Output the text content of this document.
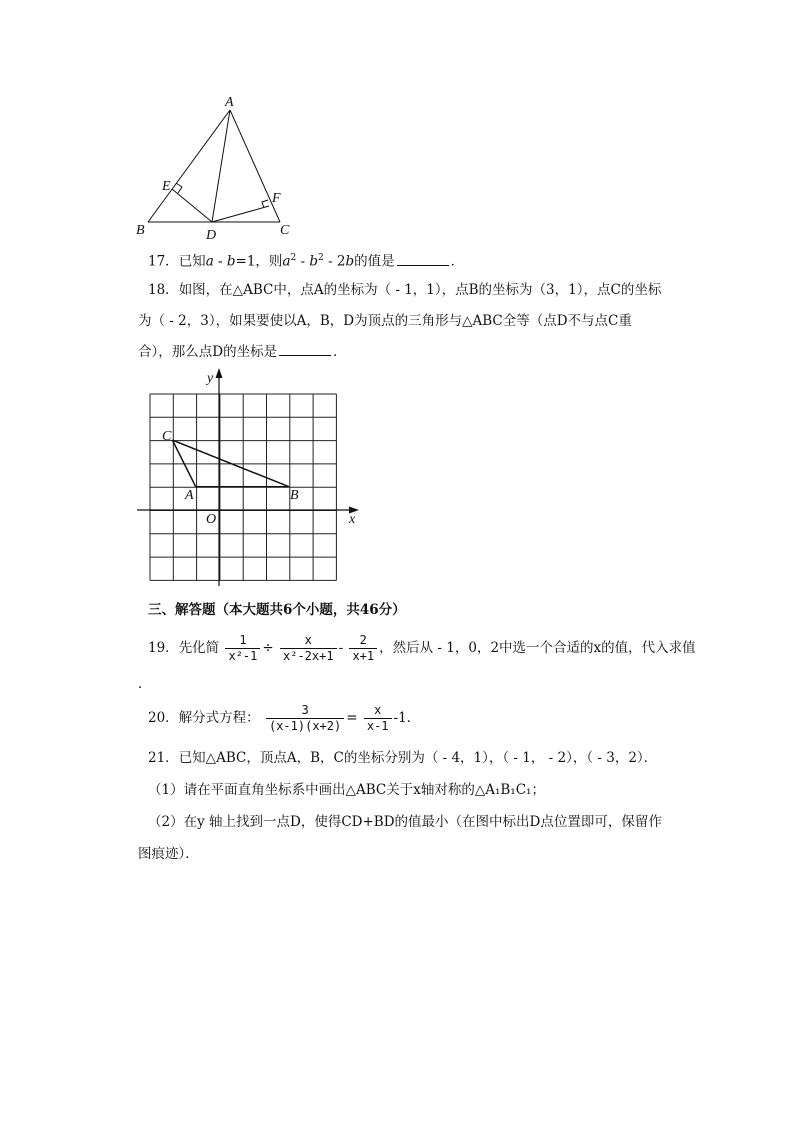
A
E
F
B	D	C
17．已知a - b=1，则$a^2 - b^2 - 2b$的值是	．
18．如图，在△ABC中，点A的坐标为（ - 1，1），点B的坐标为（3，1），点C的坐标
为（ - 2，3），如果要使以A，B，D为顶点的三角形与△ABC全等（点D不与点C重
合），那么点D的坐标是	．
x
y
O
C
A	B
三、解答题（本大题共6个小题，共46分）
19．先化简 $\frac{1}{\text{x²-1}} \div \frac{x}{\text{x²-2x+1}} - \frac{2}{x+1}$ ，然后从 - 1，0，2中选一个合适的x的值，代入求值
．
20．解分式方程： $\frac{3}{(x-1)(x+2)} = \frac{x}{x-1} -1$．
21．已知△ABC，顶点A，B，C的坐标分别为（ - 4，1），（ - 1， - 2），（ - 3，2）．
（1）请在平面直角坐标系中画出△ABC关于x轴对称的△A₁B₁C₁；
（2）在y 轴上找到一点D，使得CD+BD的值最小（在图中标出D点位置即可，保留作
图痕迹）．
